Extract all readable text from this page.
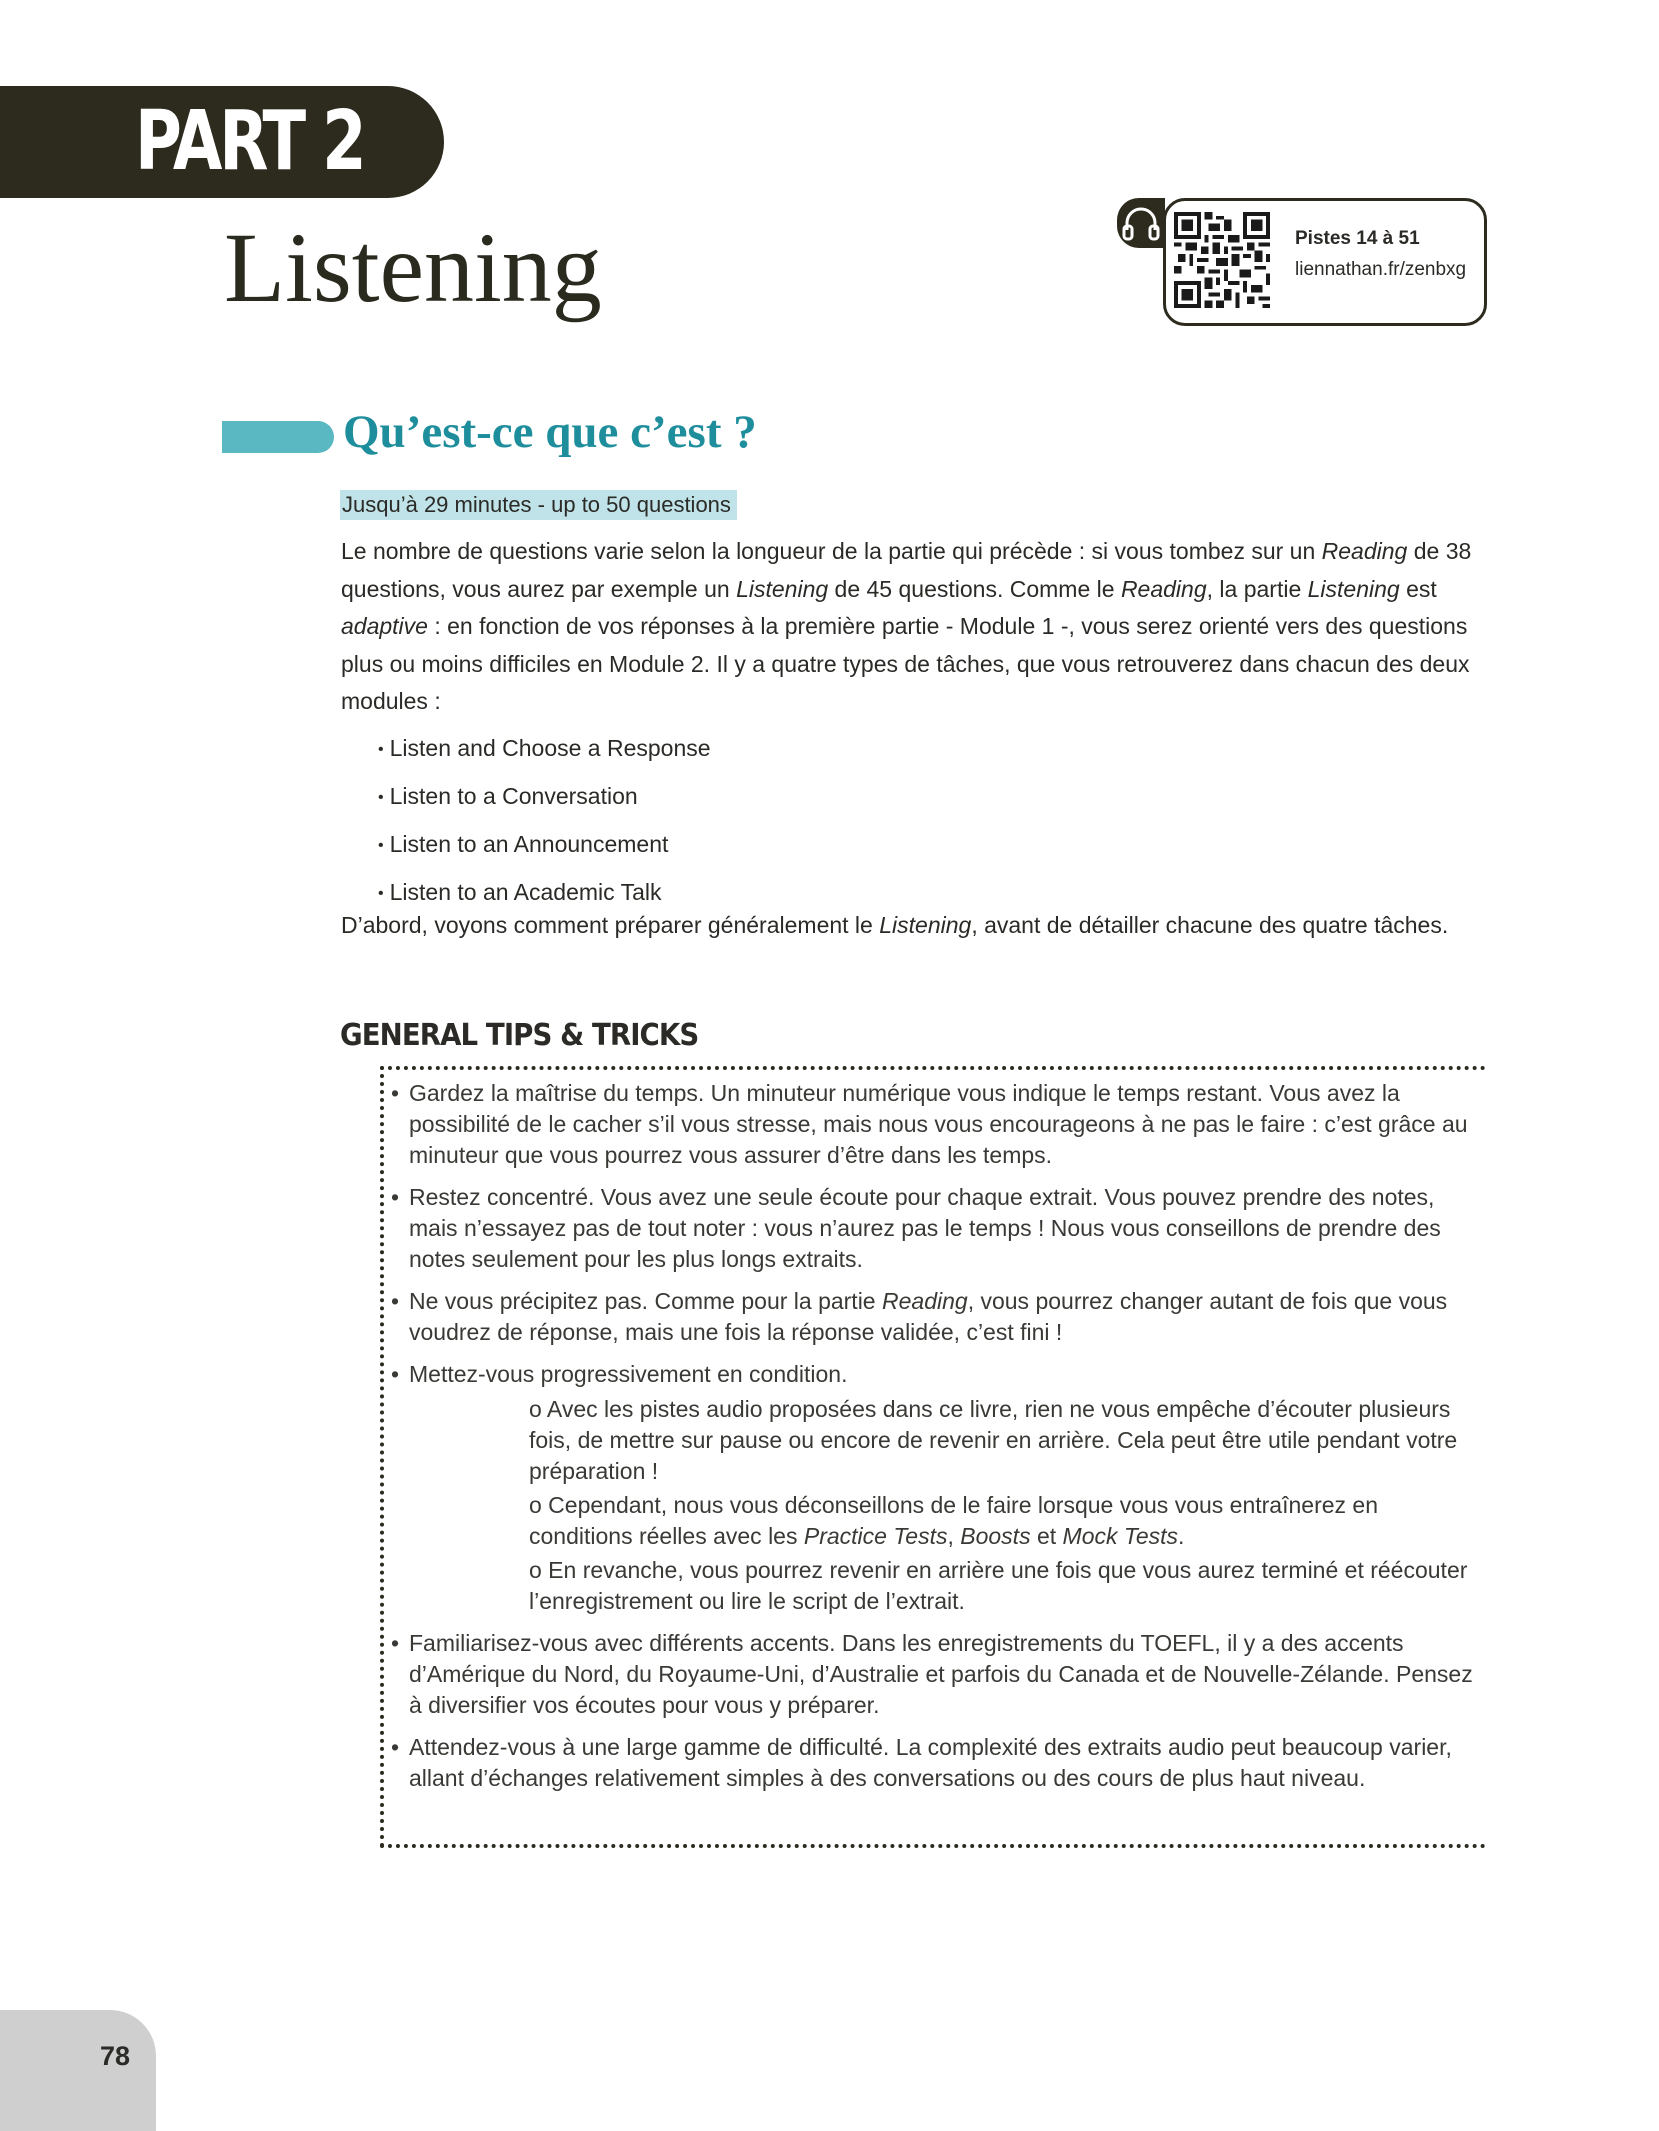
PART 2
Listening	Pistes 14 à 51
liennathan.fr/zenbxg
Qu’est-ce que c’est ?
Jusqu’à 29 minutes - up to 50 questions

Le nombre de questions varie selon la longueur de la partie qui précède : si vous tombez sur un Reading de 38 questions, vous aurez par exemple un Listening de 45 questions. Comme le Reading, la partie Listening est adaptive : en fonction de vos réponses à la première partie - Module 1 -, vous serez orienté vers des questions plus ou moins difficiles en Module 2. Il y a quatre types de tâches, que vous retrouverez dans chacun des deux modules :

• Listen and Choose a Response
• Listen to a Conversation
• Listen to an Announcement
• Listen to an Academic Talk

D’abord, voyons comment préparer généralement le Listening, avant de détailler chacune des quatre tâches.

GENERAL TIPS & TRICKS
• Gardez la maîtrise du temps. Un minuteur numérique vous indique le temps restant. Vous avez la possibilité de le cacher s’il vous stresse, mais nous vous encourageons à ne pas le faire : c’est grâce au minuteur que vous pourrez vous assurer d’être dans les temps.
• Restez concentré. Vous avez une seule écoute pour chaque extrait. Vous pouvez prendre des notes, mais n’essayez pas de tout noter : vous n’aurez pas le temps ! Nous vous conseillons de prendre des notes seulement pour les plus longs extraits.
• Ne vous précipitez pas. Comme pour la partie Reading, vous pourrez changer autant de fois que vous voudrez de réponse, mais une fois la réponse validée, c’est fini !
• Mettez-vous progressivement en condition.
o Avec les pistes audio proposées dans ce livre, rien ne vous empêche d’écouter plusieurs fois, de mettre sur pause ou encore de revenir en arrière. Cela peut être utile pendant votre préparation !
o Cependant, nous vous déconseillons de le faire lorsque vous vous entraînerez en conditions réelles avec les Practice Tests, Boosts et Mock Tests.
o En revanche, vous pourrez revenir en arrière une fois que vous aurez terminé et réécouter l’enregistrement ou lire le script de l’extrait.
• Familiarisez-vous avec différents accents. Dans les enregistrements du TOEFL, il y a des accents d’Amérique du Nord, du Royaume-Uni, d’Australie et parfois du Canada et de Nouvelle-Zélande. Pensez à diversifier vos écoutes pour vous y préparer.
• Attendez-vous à une large gamme de difficulté. La complexité des extraits audio peut beaucoup varier, allant d’échanges relativement simples à des conversations ou des cours de plus haut niveau.
78
